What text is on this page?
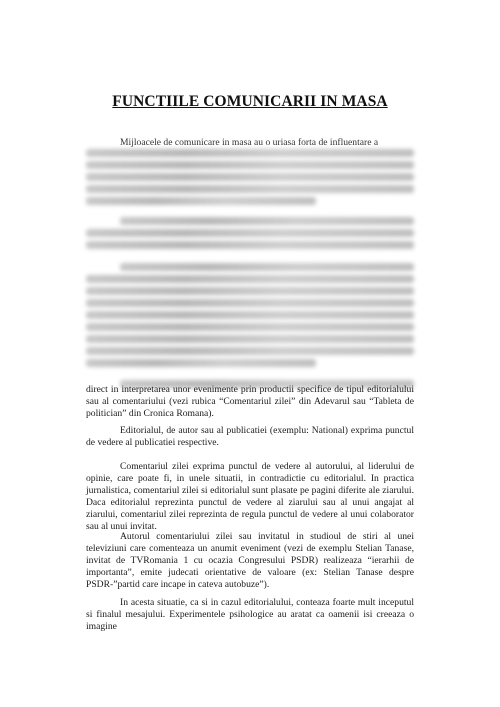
FUNCTIILE COMUNICARII IN MASA
Mijloacele de comunicare in masa au o uriasa forta de influentare a

direct in interpretarea unor evenimente prin productii specifice de tipul editorialului sau al comentariului (vezi rubica “Comentariul zilei” din Adevarul sau “Tableta de politician” din Cronica Romana).

Editorialul, de autor sau al publicatiei (exemplu: National) exprima punctul de vedere al publicatiei respective.

Comentariul zilei exprima punctul de vedere al autorului, al liderului de opinie, care poate fi, in unele situatii, in contradictie cu editorialul. In practica jurnalistica, comentariul zilei si editorialul sunt plasate pe pagini diferite ale ziarului. Daca editorialul reprezinta punctul de vedere al ziarului sau al unui angajat al ziarului, comentariul zilei reprezinta de regula punctul de vedere al unui colaborator sau al unui invitat.

Autorul comentariului zilei sau invitatul in studioul de stiri al unei televiziuni care comenteaza un anumit eveniment (vezi de exemplu Stelian Tanase, invitat de TVRomania 1 cu ocazia Congresului PSDR) realizeaza “ierarhii de importanta”, emite judecati orientative de valoare (ex: Stelian Tanase despre PSDR-”partid care incape in cateva autobuze”).

In acesta situatie, ca si in cazul editorialului, conteaza foarte mult inceputul si finalul mesajului. Experimentele psihologice au aratat ca oamenii isi creeaza o imagine
